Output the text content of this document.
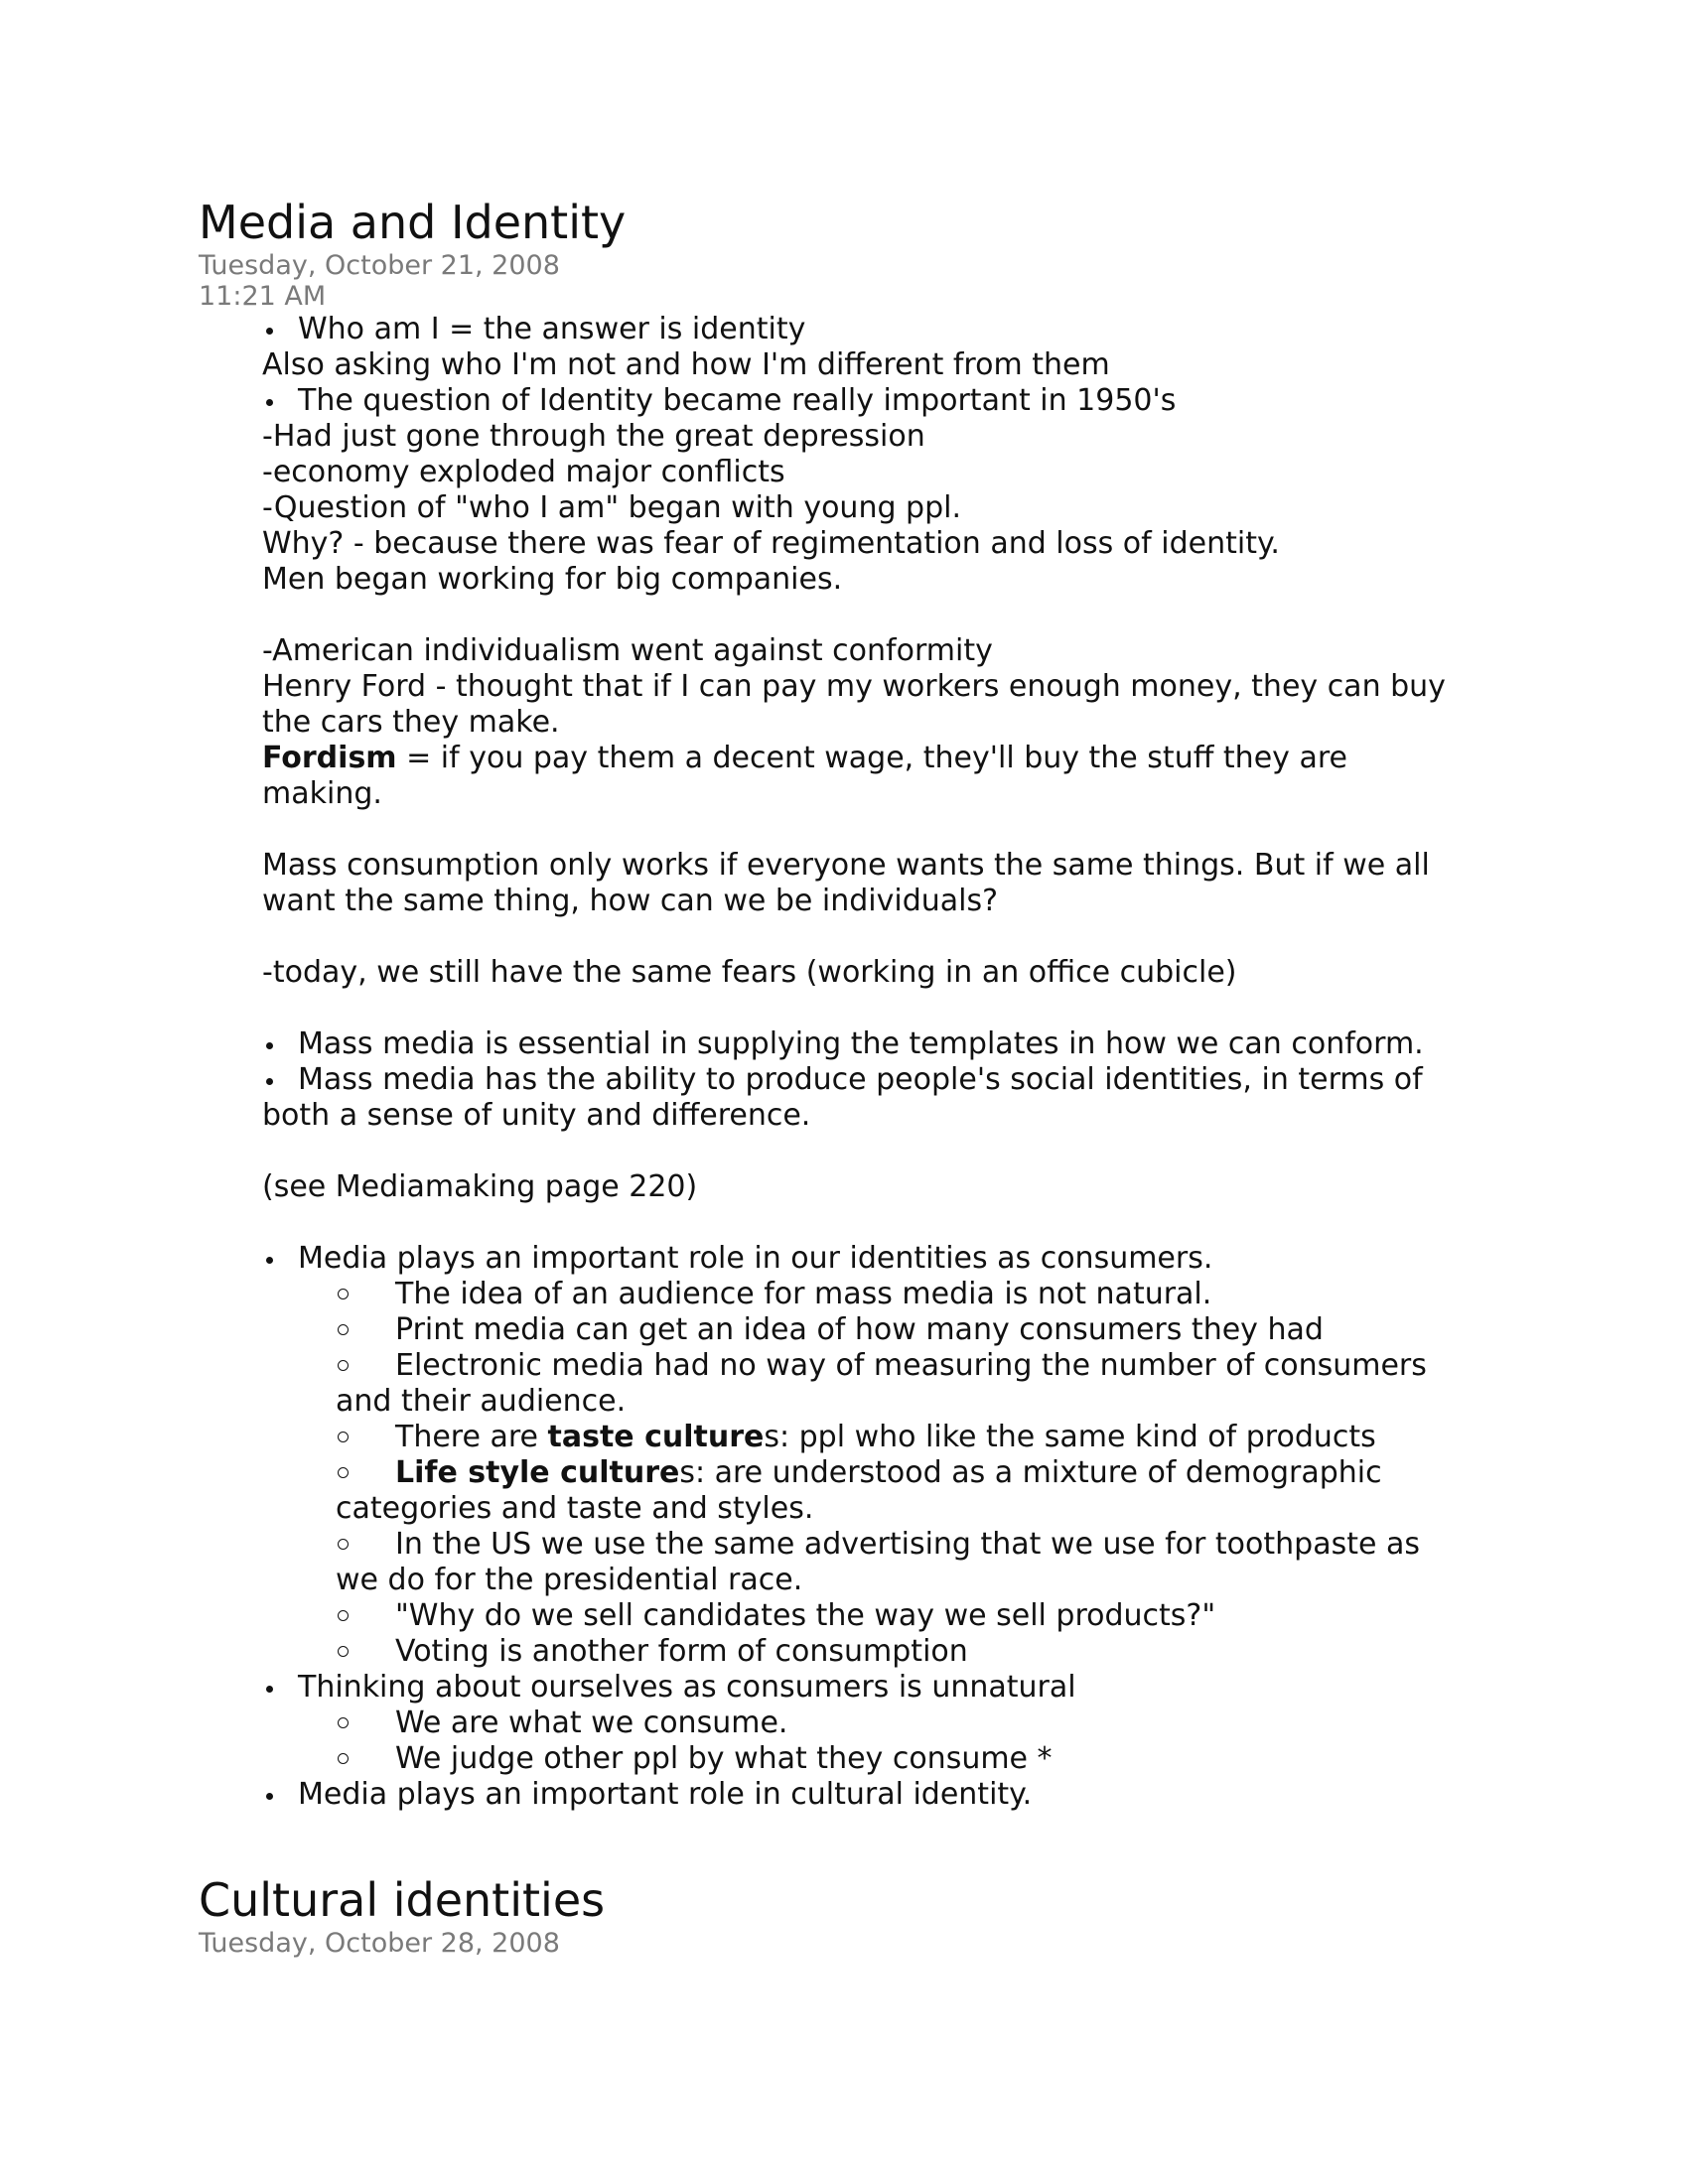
Media and Identity
Tuesday, October 21, 2008
11:21 AM
Who am I = the answer is identity
Also asking who I'm not and how I'm different from them
The question of Identity became really important in 1950's
-Had just gone through the great depression
-economy exploded major conflicts
-Question of "who I am" began with young ppl.
Why? - because there was fear of regimentation and loss of identity.
Men began working for big companies.
-American individualism went against conformity
Henry Ford - thought that if I can pay my workers enough money, they can buy
the cars they make.
Fordism = if you pay them a decent wage, they'll buy the stuff they are
making.
Mass consumption only works if everyone wants the same things. But if we all
want the same thing, how can we be individuals?
-today, we still have the same fears (working in an office cubicle)
Mass media is essential in supplying the templates in how we can conform.
Mass media has the ability to produce people's social identities, in terms of
both a sense of unity and difference.
(see Mediamaking page 220)
Media plays an important role in our identities as consumers.
The idea of an audience for mass media is not natural.
Print media can get an idea of how many consumers they had
Electronic media had no way of measuring the number of consumers
and their audience.
There are taste cultures: ppl who like the same kind of products
Life style cultures: are understood as a mixture of demographic
categories and taste and styles.
In the US we use the same advertising that we use for toothpaste as
we do for the presidential race.
"Why do we sell candidates the way we sell products?"
Voting is another form of consumption
Thinking about ourselves as consumers is unnatural
We are what we consume.
We judge other ppl by what they consume *
Media plays an important role in cultural identity.
Cultural identities
Tuesday, October 28, 2008
